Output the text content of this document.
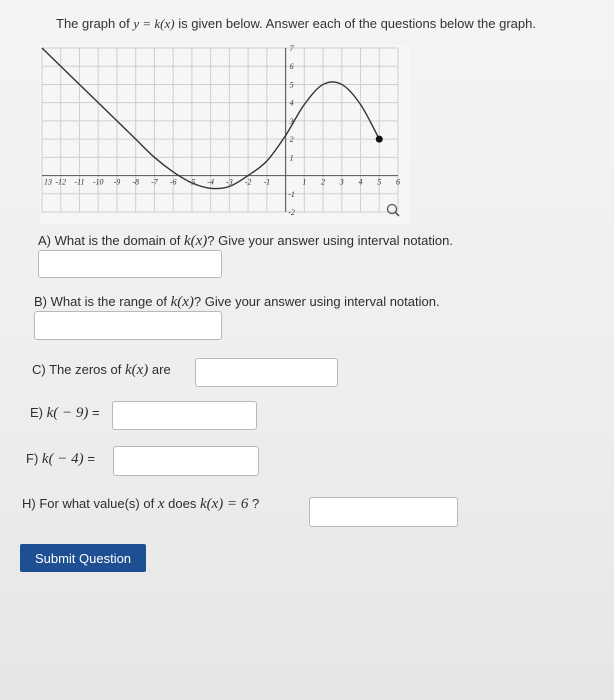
The graph of y = k(x) is given below. Answer each of the questions below the graph.
13 -12 -11 -10 -9 -8 -7 -6 -5 -4 -3 -2 -1	1 2 3 4 5 6
7
6
5
4
3
2
1
-1
-2
A) What is the domain of k(x)? Give your answer using interval notation.
B) What is the range of k(x)? Give your answer using interval notation.
C) The zeros of k(x) are
E) k( − 9) =
F) k( − 4) =
H) For what value(s) of x does k(x) = 6 ?
Submit Question
